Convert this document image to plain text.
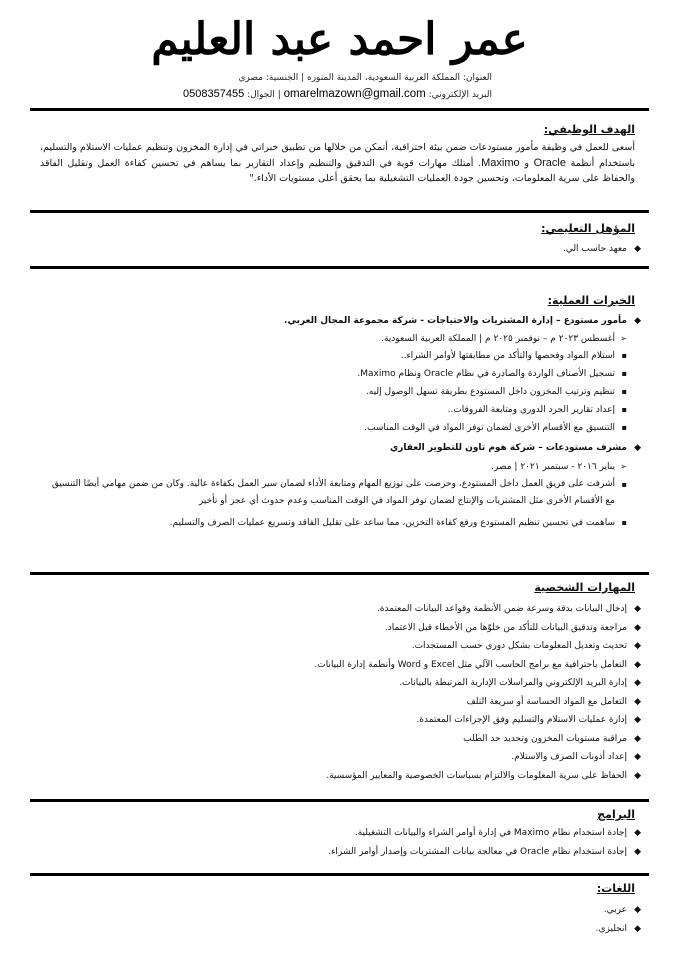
عمر احمد عبد العليم
العنوان: المملكة العربية السعودية، المدينة المنوره | الجنسية: مصري
البريد الإلكتروني: omarelmazown@gmail.com | الجوال: 0508357455
الهدف الوظيفي:
أسعى للعمل في وظيفة مأمور مستودعات ضمن بيئة احترافية، أتمكن من خلالها من تطبيق خبراتي في إدارة المخزون وتنظيم عمليات الاستلام والتسليم، باستخدام أنظمة Oracle و Maximo. أمتلك مهارات قوية في التدقيق والتنظيم وإعداد التقارير بما يساهم في تحسين كفاءة العمل وتقليل الفاقد والحفاظ على سرية المعلومات، وتحسين جودة العمليات التشغيلية بما يحقق أعلى مستويات الأداء."
المؤهل التعليمي:
◆
معهد حاسب الي.
الخبرات العملية:
◆
مأمور مستودع – إدارة المشتريات والاحتياجات - شركة مجموعة المجال العربي.
➢
أغسطس ٢٠٢٣ م – نوفمبر ٢٠٢٥ م | المملكة العربية السعودية.
▪
استلام المواد وفحصها والتأكد من مطابقتها لأوامر الشراء..
▪
تسجيل الأصناف الواردة والصادرة في نظام Oracle ونظام Maximo.
▪
تنظيم وترتيب المخزون داخل المستودع بطريقة تسهل الوصول إليه.
▪
إعداد تقارير الجرد الدوري ومتابعة الفروقات..
▪
التنسيق مع الأقسام الأخرى لضمان توفر المواد في الوقت المناسب.
◆
مشرف مستودعات – شركة هوم تاون للتطوير العقاري
➢
يناير ٢٠١٦ - سبتمبر ٢٠٢١ | مصر.
▪
أشرفت على فريق العمل داخل المستودع، وحرصت على توزيع المهام ومتابعة الأداء لضمان سير العمل بكفاءة عالية. وكان من ضمن مهامي أيضًا التنسيق مع الأقسام الأخرى مثل المشتريات والإنتاج لضمان توفر المواد في الوقت المناسب وعدم حدوث أي عجز أو تأخير
▪
ساهمت في تحسين تنظيم المستودع ورفع كفاءة التخزين، مما ساعد على تقليل الفاقد وتسريع عمليات الصرف والتسليم.
المهارات الشخصية
◆
إدخال البيانات بدقة وسرعة ضمن الأنظمة وقواعد البيانات المعتمدة.
◆
مراجعة وتدقيق البيانات للتأكد من خلوّها من الأخطاء قبل الاعتماد.
◆
تحديث وتعديل المعلومات بشكل دوري حسب المستجدات.
◆
التعامل باحترافية مع برامج الحاسب الآلي مثل Excel و Word وأنظمة إدارة البيانات.
◆
إدارة البريد الإلكتروني والمراسلات الإدارية المرتبطة بالبيانات.
◆
التعامل مع المواد الحساسة أو سريعة التلف
◆
إدارة عمليات الاستلام والتسليم وفق الإجراءات المعتمدة.
◆
مراقبة مستويات المخزون وتحديد حد الطلب
◆
إعداد أذونات الصرف والاستلام.
◆
الحفاظ على سرية المعلومات والالتزام بسياسات الخصوصية والمعايير المؤسسية.
البرامج
◆
إجادة استخدام نظام Maximo في إدارة أوامر الشراء والبيانات التشغيلية.
◆
إجادة استخدام نظام Oracle في معالجة بيانات المشتريات وإصدار أوامر الشراء.
اللغات:
◆
عربي.
◆
انجليزي.
